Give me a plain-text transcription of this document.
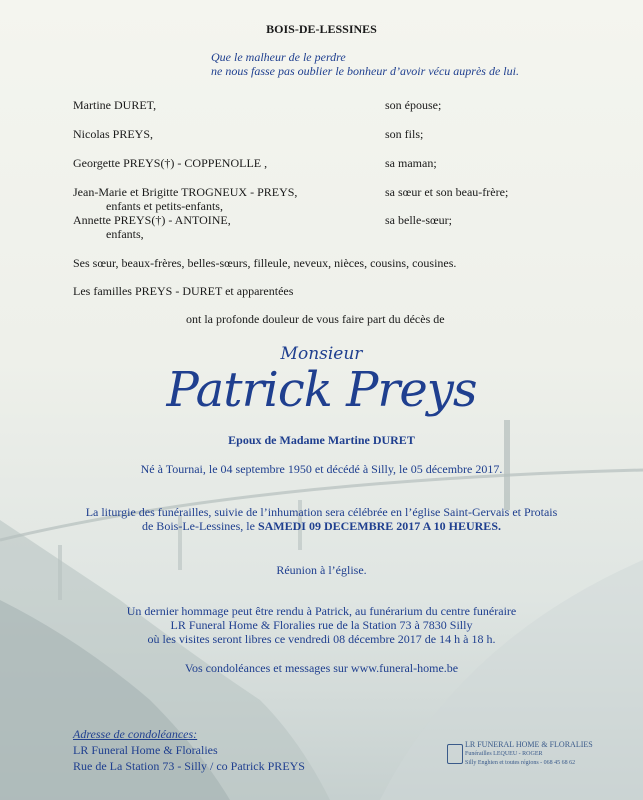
BOIS-DE-LESSINES
Que le malheur de le perdre
ne nous fasse pas oublier le bonheur d’avoir vécu auprès de lui.
Martine DURET,	son épouse;
Nicolas PREYS,	son fils;
Georgette PREYS(†) - COPPENOLLE ,	sa maman;
Jean-Marie et Brigitte TROGNEUX - PREYS,	sa sœur et son beau-frère;
enfants et petits-enfants,
Annette PREYS(†) - ANTOINE,	sa belle-sœur;
enfants,
Ses sœur, beaux-frères, belles-sœurs, filleule, neveux, nièces, cousins, cousines.
Les familles PREYS - DURET et apparentées
ont la profonde douleur de vous faire part du décès de
Monsieur
Patrick Preys
Epoux de Madame Martine DURET
Né à Tournai, le 04 septembre 1950 et décédé à Silly, le 05 décembre 2017.
La liturgie des funérailles, suivie de l’inhumation sera célébrée en l’église Saint-Gervais et Protais
de Bois-Le-Lessines, le SAMEDI 09 DECEMBRE 2017 A 10 HEURES.
Réunion à l’église.
Un dernier hommage peut être rendu à Patrick, au funérarium du centre funéraire
LR Funeral Home & Floralies rue de la Station 73 à 7830 Silly
où les visites seront libres ce vendredi 08 décembre 2017 de 14 h à 18 h.
Vos condoléances et messages sur www.funeral-home.be
Adresse de condoléances:
LR Funeral Home & Floralies
Rue de La Station 73 - Silly / co Patrick PREYS
LR FUNERAL HOME & FLORALIES
Funérailles LEQUEU - ROGER
Silly Enghien et toutes régions - 068 45 68 62
